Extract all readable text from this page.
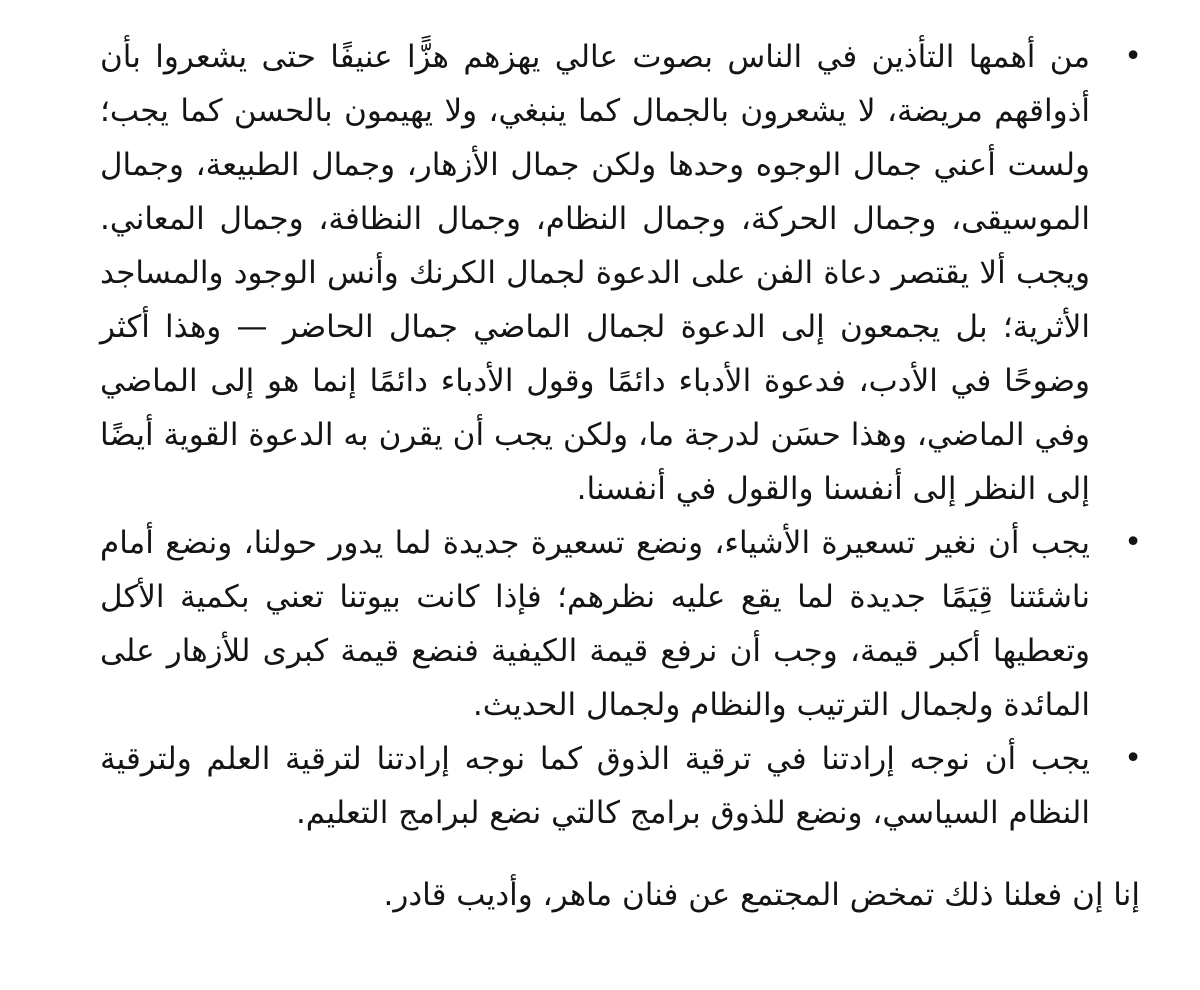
•
من أهمها التأذين في الناس بصوت عالي يهزهم هزًّا عنيفًا حتى يشعروا بأن أذواقهم مريضة، لا يشعرون بالجمال كما ينبغي، ولا يهيمون بالحسن كما يجب؛ ولست أعني جمال الوجوه وحدها ولكن جمال الأزهار، وجمال الطبيعة، وجمال الموسيقى، وجمال الحركة، وجمال النظام، وجمال النظافة، وجمال المعاني. ويجب ألا يقتصر دعاة الفن على الدعوة لجمال الكرنك وأنس الوجود والمساجد الأثرية؛ بل يجمعون إلى الدعوة لجمال الماضي جمال الحاضر — وهذا أكثر وضوحًا في الأدب، فدعوة الأدباء دائمًا وقول الأدباء دائمًا إنما هو إلى الماضي وفي الماضي، وهذا حسَن لدرجة ما، ولكن يجب أن يقرن به الدعوة القوية أيضًا إلى النظر إلى أنفسنا والقول في أنفسنا.
•
يجب أن نغير تسعيرة الأشياء، ونضع تسعيرة جديدة لما يدور حولنا، ونضع أمام ناشئتنا قِيَمًا جديدة لما يقع عليه نظرهم؛ فإذا كانت بيوتنا تعني بكمية الأكل وتعطيها أكبر قيمة، وجب أن نرفع قيمة الكيفية فنضع قيمة كبرى للأزهار على المائدة ولجمال الترتيب والنظام ولجمال الحديث.
•
يجب أن نوجه إرادتنا في ترقية الذوق كما نوجه إرادتنا لترقية العلم ولترقية النظام السياسي، ونضع للذوق برامج كالتي نضع لبرامج التعليم.

إنا إن فعلنا ذلك تمخض المجتمع عن فنان ماهر، وأديب قادر.
